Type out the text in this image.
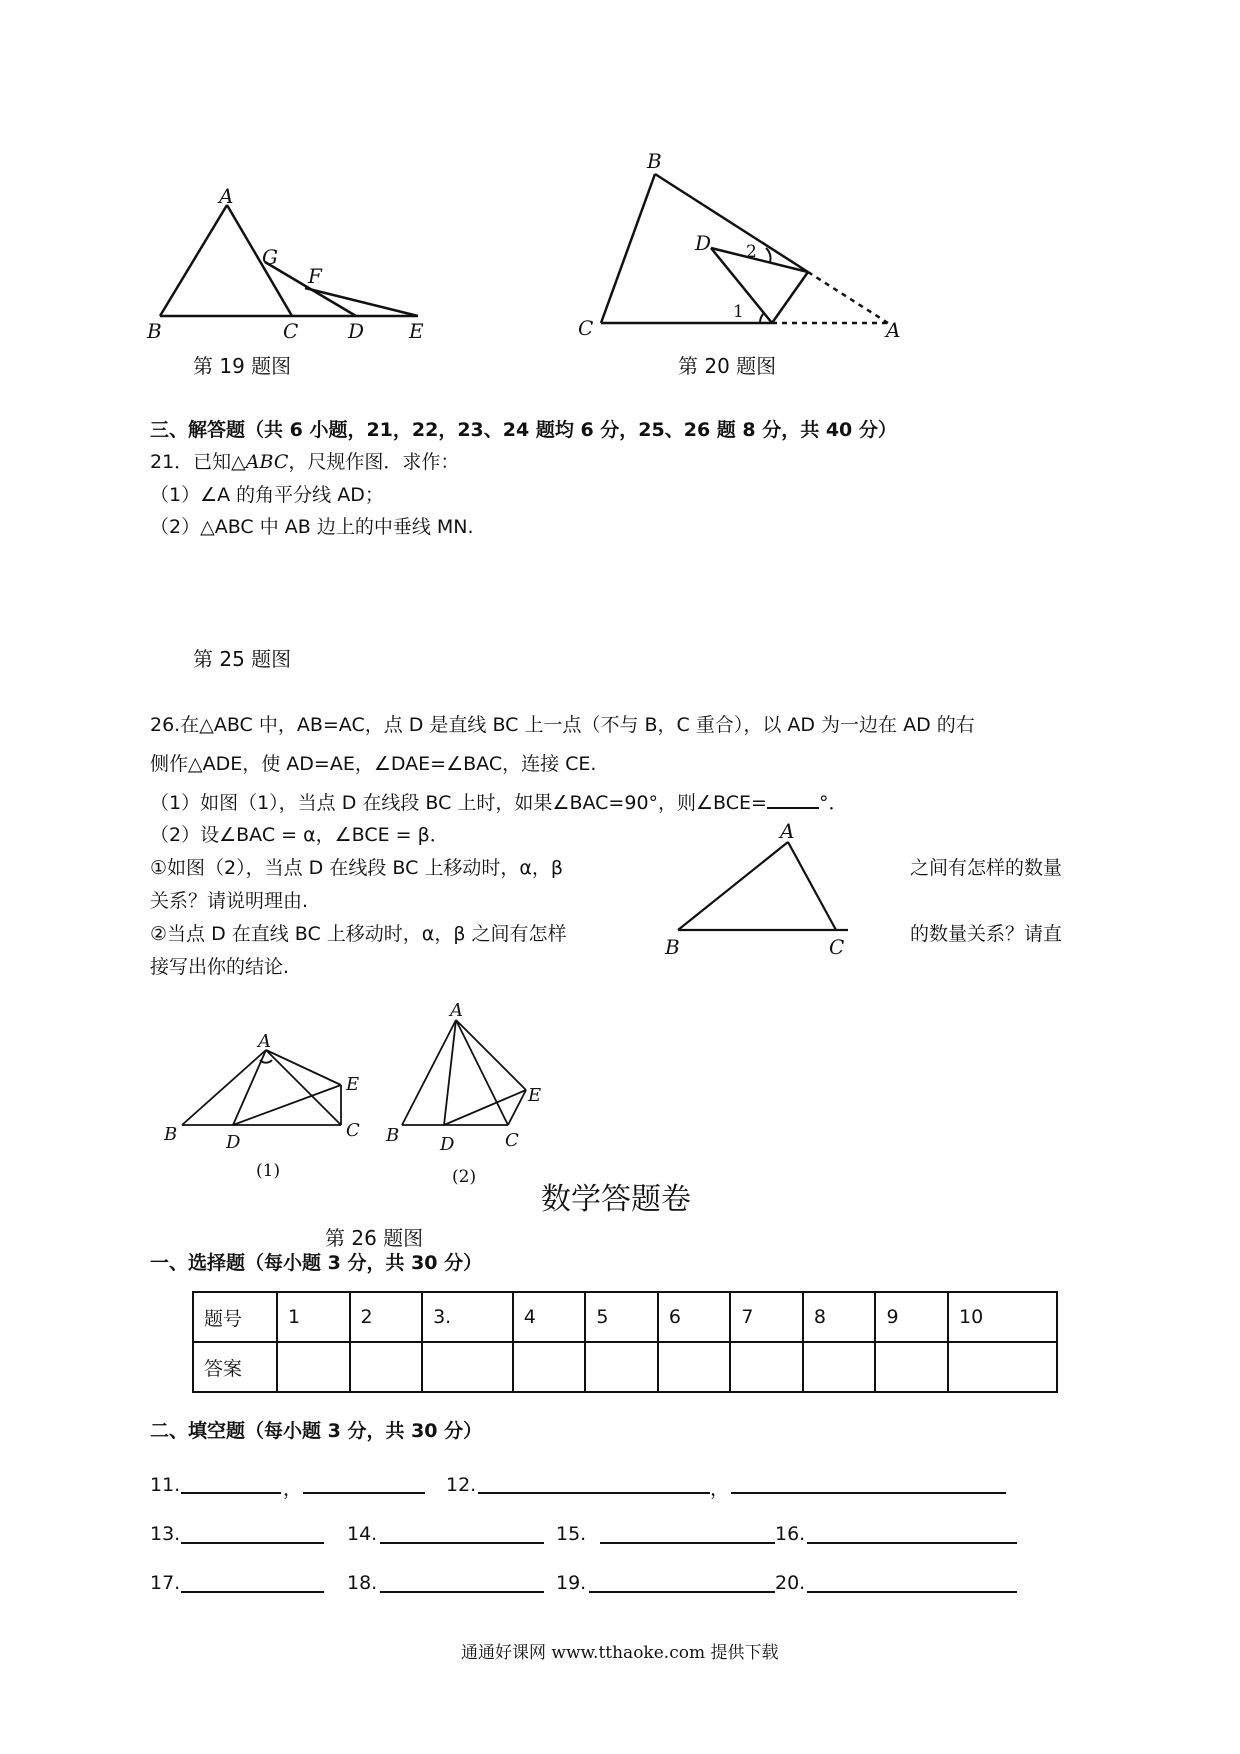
A
B	C D E
F
G
第 19 题图
B
D
C	A
1
2
第 20 题图
三、解答题（共 6 小题，21，22，23、24 题均 6 分，25、26 题 8 分，共 40 分）
21．已知△ABC，尺规作图．求作：
（1）∠A 的角平分线 AD；
（2）△ABC 中 AB 边上的中垂线 MN.
第 25 题图
26.在△ABC 中，AB=AC，点 D 是直线 BC 上一点（不与 B，C 重合），以 AD 为一边在 AD 的右
侧作△ADE，使 AD=AE，∠DAE=∠BAC，连接 CE.
（1）如图（1），当点 D 在线段 BC 上时，如果∠BAC=90°，则∠BCE=	°．
（2）设∠BAC = α，∠BCE = β．
①如图（2），当点 D 在线段 BC 上移动时，α，β	之间有怎样的数量
关系？请说明理由.
②当点 D 在直线 BC 上移动时，α，β 之间有怎样	的数量关系？请直
接写出你的结论.
A
B	C
A
B	D
C
E
A
B D	C
E
(1)	(2)
数学答题卷
第 26 题图
一、选择题（每小题 3 分，共 30 分）
题号	1	2	3.	4	5	6	7	8	9	10
答案										
二、填空题（每小题 3 分，共 30 分）
11.	，	12.	，
13.	14.	15.	16.
17.	18.	19.	20.
通通好课网 www.tthaoke.com 提供下载
